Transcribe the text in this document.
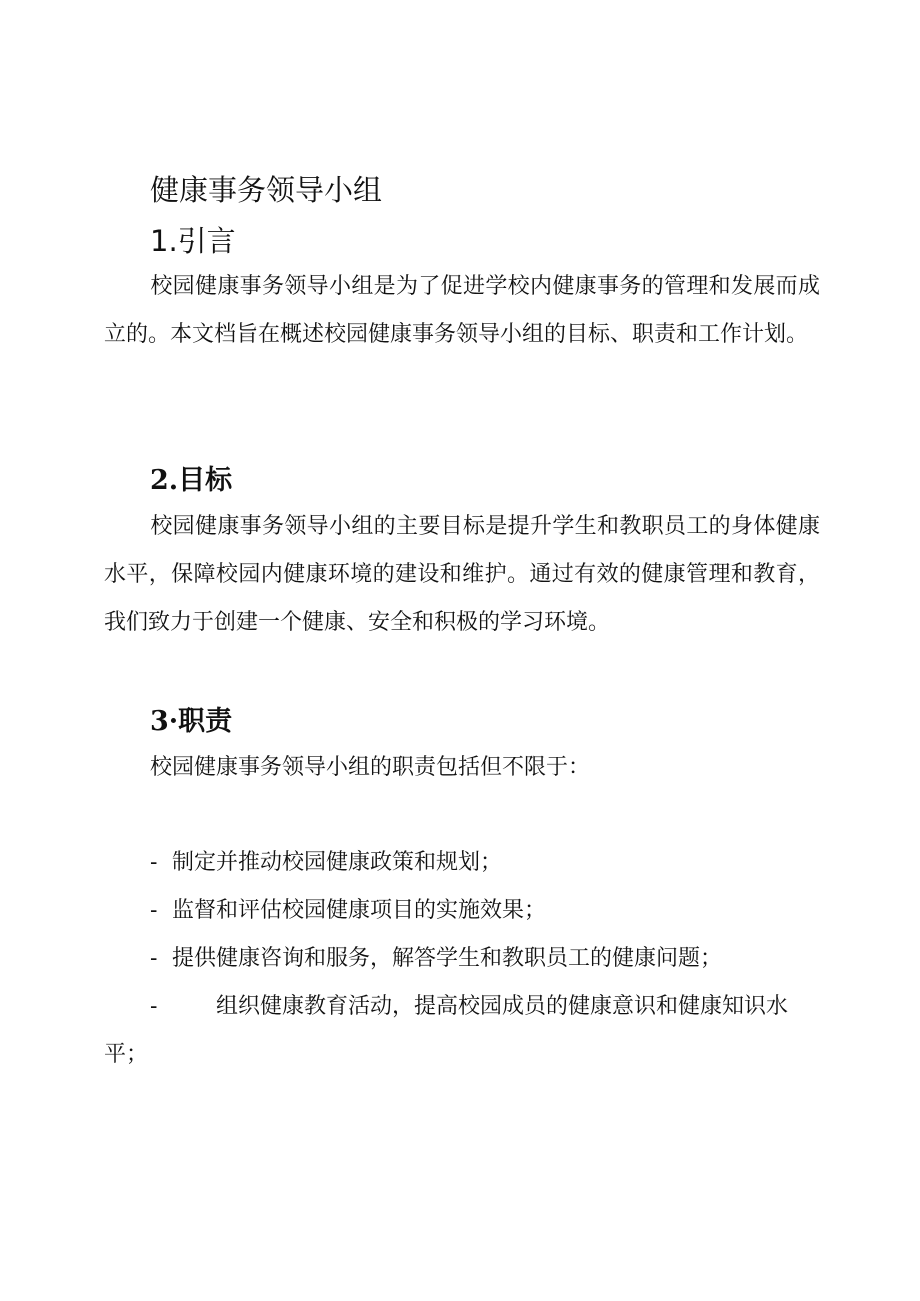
健康事务领导小组
1.引言

校园健康事务领导小组是为了促进学校内健康事务的管理和发展而成立的。本文档旨在概述校园健康事务领导小组的目标、职责和工作计划。

2.目标

校园健康事务领导小组的主要目标是提升学生和教职员工的身体健康水平，保障校园内健康环境的建设和维护。通过有效的健康管理和教育，我们致力于创建一个健康、安全和积极的学习环境。

3·职责

校园健康事务领导小组的职责包括但不限于：

- 制定并推动校园健康政策和规划；

- 监督和评估校园健康项目的实施效果；

- 提供健康咨询和服务，解答学生和教职员工的健康问题；

-	组织健康教育活动，提高校园成员的健康意识和健康知识水平；
